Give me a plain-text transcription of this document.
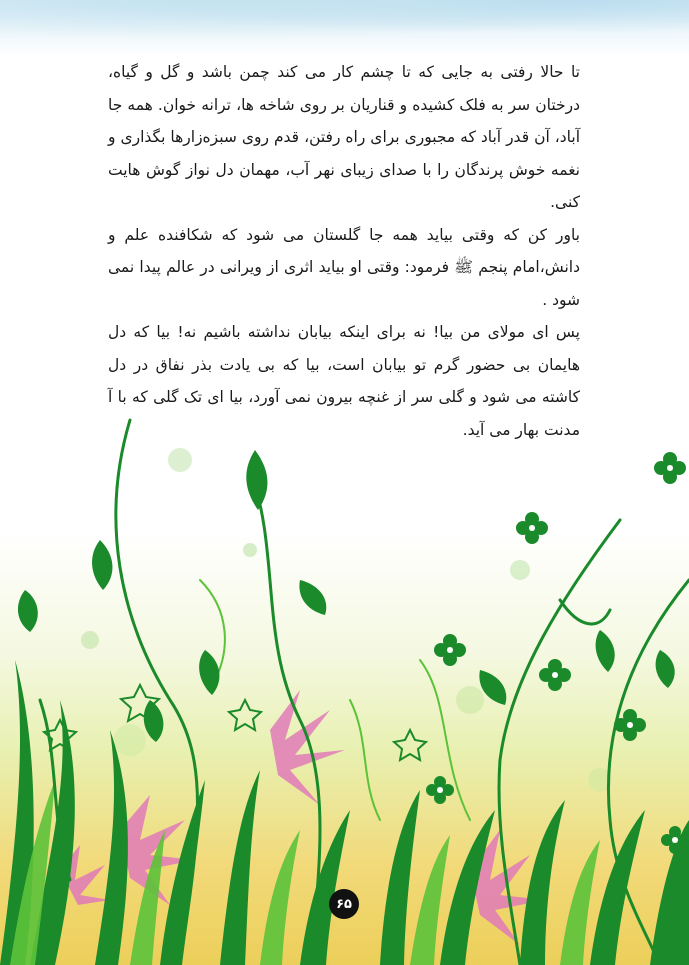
تا حالا رفتی به جایی که تا چشم کار می کند چمن باشد و گل و گیاه، درختان سر به فلک کشیده و قناریان بر روی شاخه ها، ترانه خوان. همه جا آباد، آن قدر آباد که مجبوری برای راه رفتن، قدم روی سبزه‌زارها بگذاری و نغمه خوش پرندگان را با صدای زیبای نهر آب، مهمان دل نواز گوش هایت کنی.

باور کن که وقتی بیاید همه جا گلستان می شود که شکافنده علم و دانش،امام پنجم ﷺ فرمود: وقتی او بیاید اثری از ویرانی در عالم پیدا نمی شود .

پس ای مولای من بیا! نه برای اینکه بیابان نداشته باشیم نه! بیا که دل هایمان بی حضور گرم تو بیابان است، بیا که بی یادت بذر نفاق در دل کاشته می شود و گلی سر از غنچه بیرون نمی آورد، بیا ای تک گلی که با آ مدنت بهار می آید.

۶۵
